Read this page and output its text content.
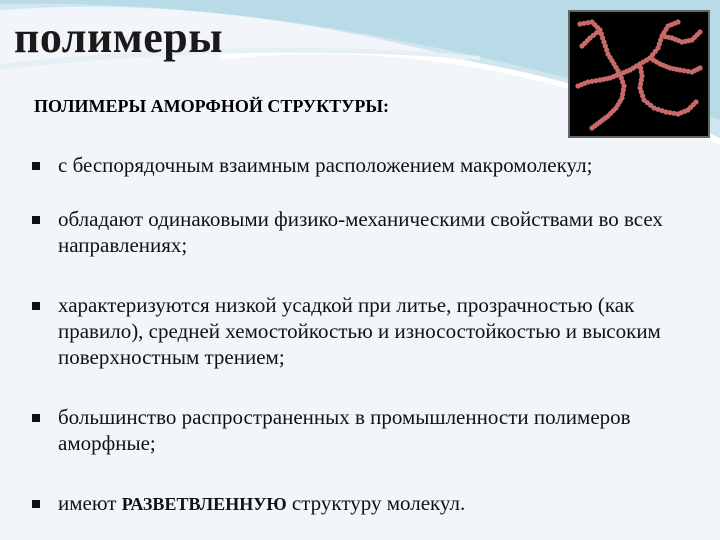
полимеры
ПОЛИМЕРЫ АМОРФНОЙ СТРУКТУРЫ:
с беспорядочным взаимным расположением макромолекул;
обладают одинаковыми физико-механическими свойствами во всех направлениях;
характеризуются низкой усадкой при литье, прозрачностью (как правило), средней хемостойкостью и износостойкостью и высоким поверхностным трением;
большинство распространенных в промышленности полимеров аморфные;
имеют РАЗВЕТВЛЕННУЮ структуру молекул.
